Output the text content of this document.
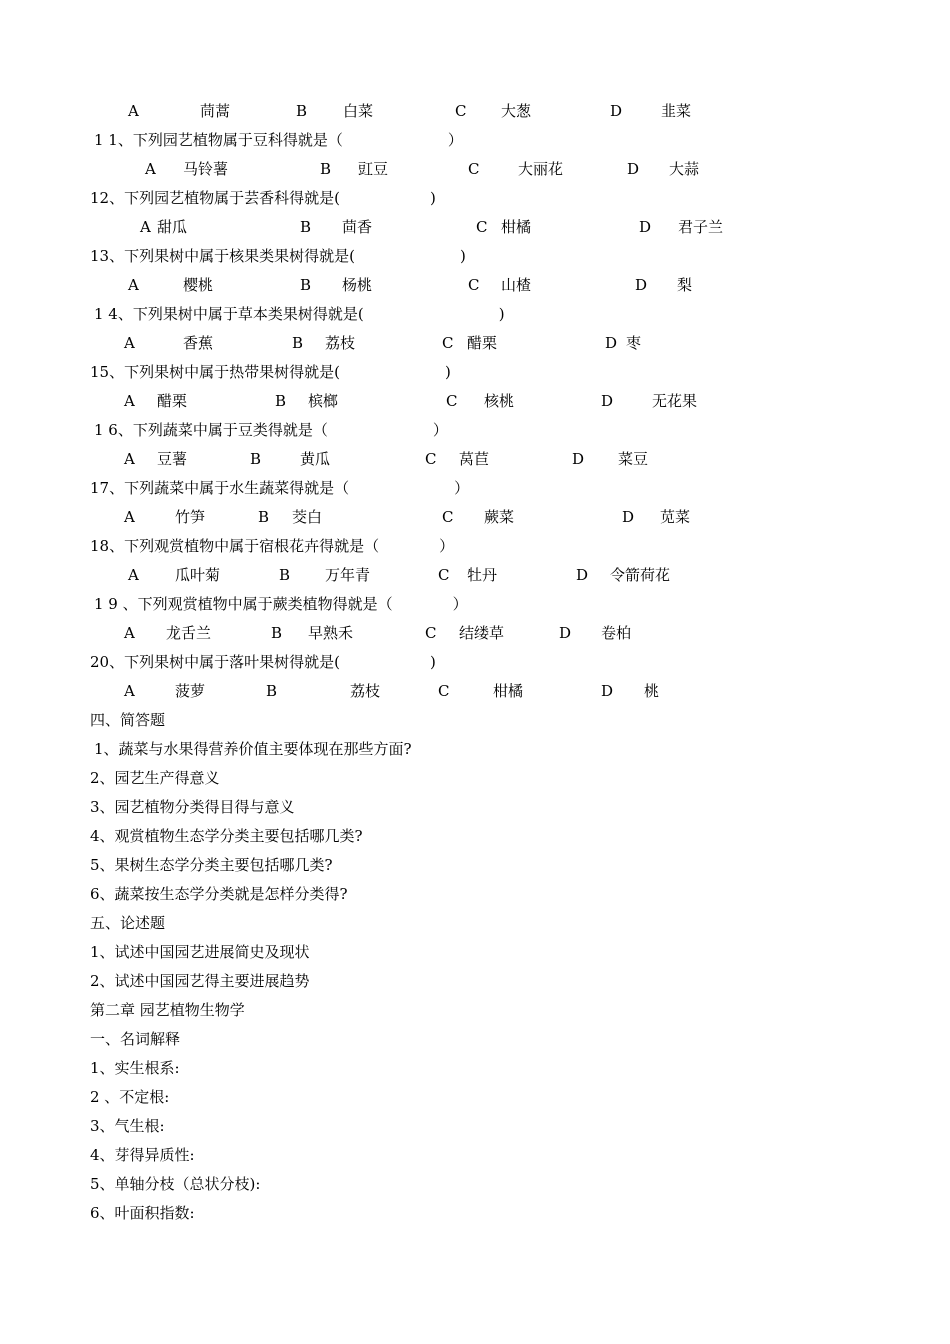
A	茼蒿	B 白菜	C 大葱	D	韭菜
1 1、下列园艺植物属于豆科得就是（　　　　　　　）
A 马铃薯	B 豇豆	C	大丽花	D 大蒜
12、下列园艺植物属于芸香科得就是(　　　　　　)
A 甜瓜	B 茴香	C 柑橘	D 君子兰
13、下列果树中属于核果类果树得就是(　　　　　　　)
A	樱桃	B 杨桃	C 山楂	D 梨
1 4、下列果树中属于草本类果树得就是(　　　　　　　　　)
A	香蕉	B 荔枝	C 醋栗	D 枣
15、下列果树中属于热带果树得就是(　　　　　　　)
A 醋栗	B 槟榔	C 核桃	D	无花果
1 6、下列蔬菜中属于豆类得就是（　　　　　　　）
A 豆薯	B	黄瓜	C 莴苣	D 菜豆
17、下列蔬菜中属于水生蔬菜得就是（　　　　　　　）
A	竹笋	B 茭白	C 蕨菜	D 苋菜
18、下列观赏植物中属于宿根花卉得就是（　　　　）
A 瓜叶菊	B 万年青	C 牡丹	D 令箭荷花
1 9 、下列观赏植物中属于蕨类植物得就是（　　　　）
A 龙舌兰	B 早熟禾	C 结缕草	D 卷柏
20、下列果树中属于落叶果树得就是(　　　　　　)
A	菠萝	B	荔枝	C	柑橘	D 桃
四、简答题
1、蔬菜与水果得营养价值主要体现在那些方面?
2、园艺生产得意义
3、园艺植物分类得目得与意义
4、观赏植物生态学分类主要包括哪几类?
5、果树生态学分类主要包括哪几类?
6、蔬菜按生态学分类就是怎样分类得?
五、论述题
1、试述中国园艺进展简史及现状
2、试述中国园艺得主要进展趋势
第二章 园艺植物生物学
一、名词解释
1、实生根系:
2 、不定根:
3、气生根:
4、芽得异质性:
5、单轴分枝（总状分枝):
6、叶面积指数:
